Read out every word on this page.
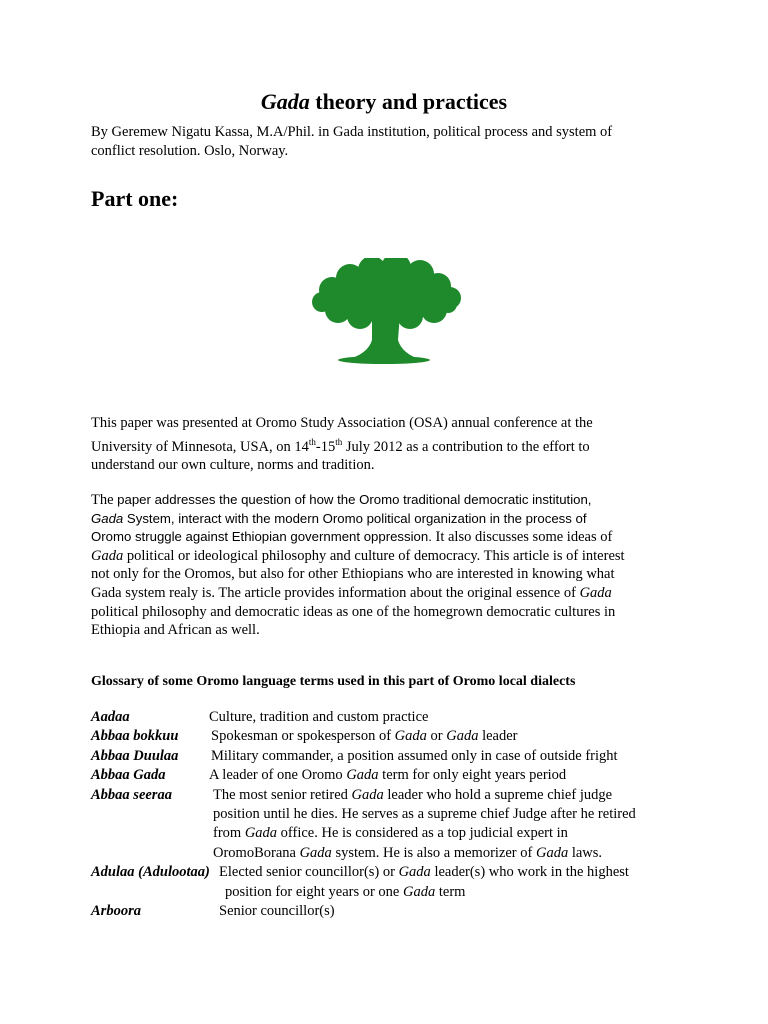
Gada theory and practices
By Geremew Nigatu Kassa, M.A/Phil. in Gada institution, political process and system of
conflict resolution. Oslo, Norway.
Part one:
This paper was presented at Oromo Study Association (OSA) annual conference at the
University of Minnesota, USA, on 14th-15th July 2012 as a contribution to the effort to
understand our own culture, norms and tradition.
The paper addresses the question of how the Oromo traditional democratic institution,
Gada System, interact with the modern Oromo political organization in the process of
Oromo struggle against Ethiopian government oppression. It also discusses some ideas of
Gada political or ideological philosophy and culture of democracy. This article is of interest
not only for the Oromos, but also for other Ethiopians who are interested in knowing what
Gada system realy is. The article provides information about the original essence of Gada
political philosophy and democratic ideas as one of the homegrown democratic cultures in
Ethiopia and African as well.
Glossary of some Oromo language terms used in this part of Oromo local dialects
Aadaa	Culture, tradition and custom practice
Abbaa bokkuu	Spokesman or spokesperson of Gada or Gada leader
Abbaa Duulaa	Military commander, a position assumed only in case of outside fright
Abbaa Gada	A leader of one Oromo Gada term for only eight years period
Abbaa seeraa	The most senior retired Gada leader who hold a supreme chief judge
position until he dies. He serves as a supreme chief Judge after he retired
from Gada office. He is considered as a top judicial expert in
OromoBorana Gada system. He is also a memorizer of Gada laws.
Adulaa (Adulootaa) Elected senior councillor(s) or Gada leader(s) who work in the highest
position for eight years or one Gada term
Arboora	Senior councillor(s)
